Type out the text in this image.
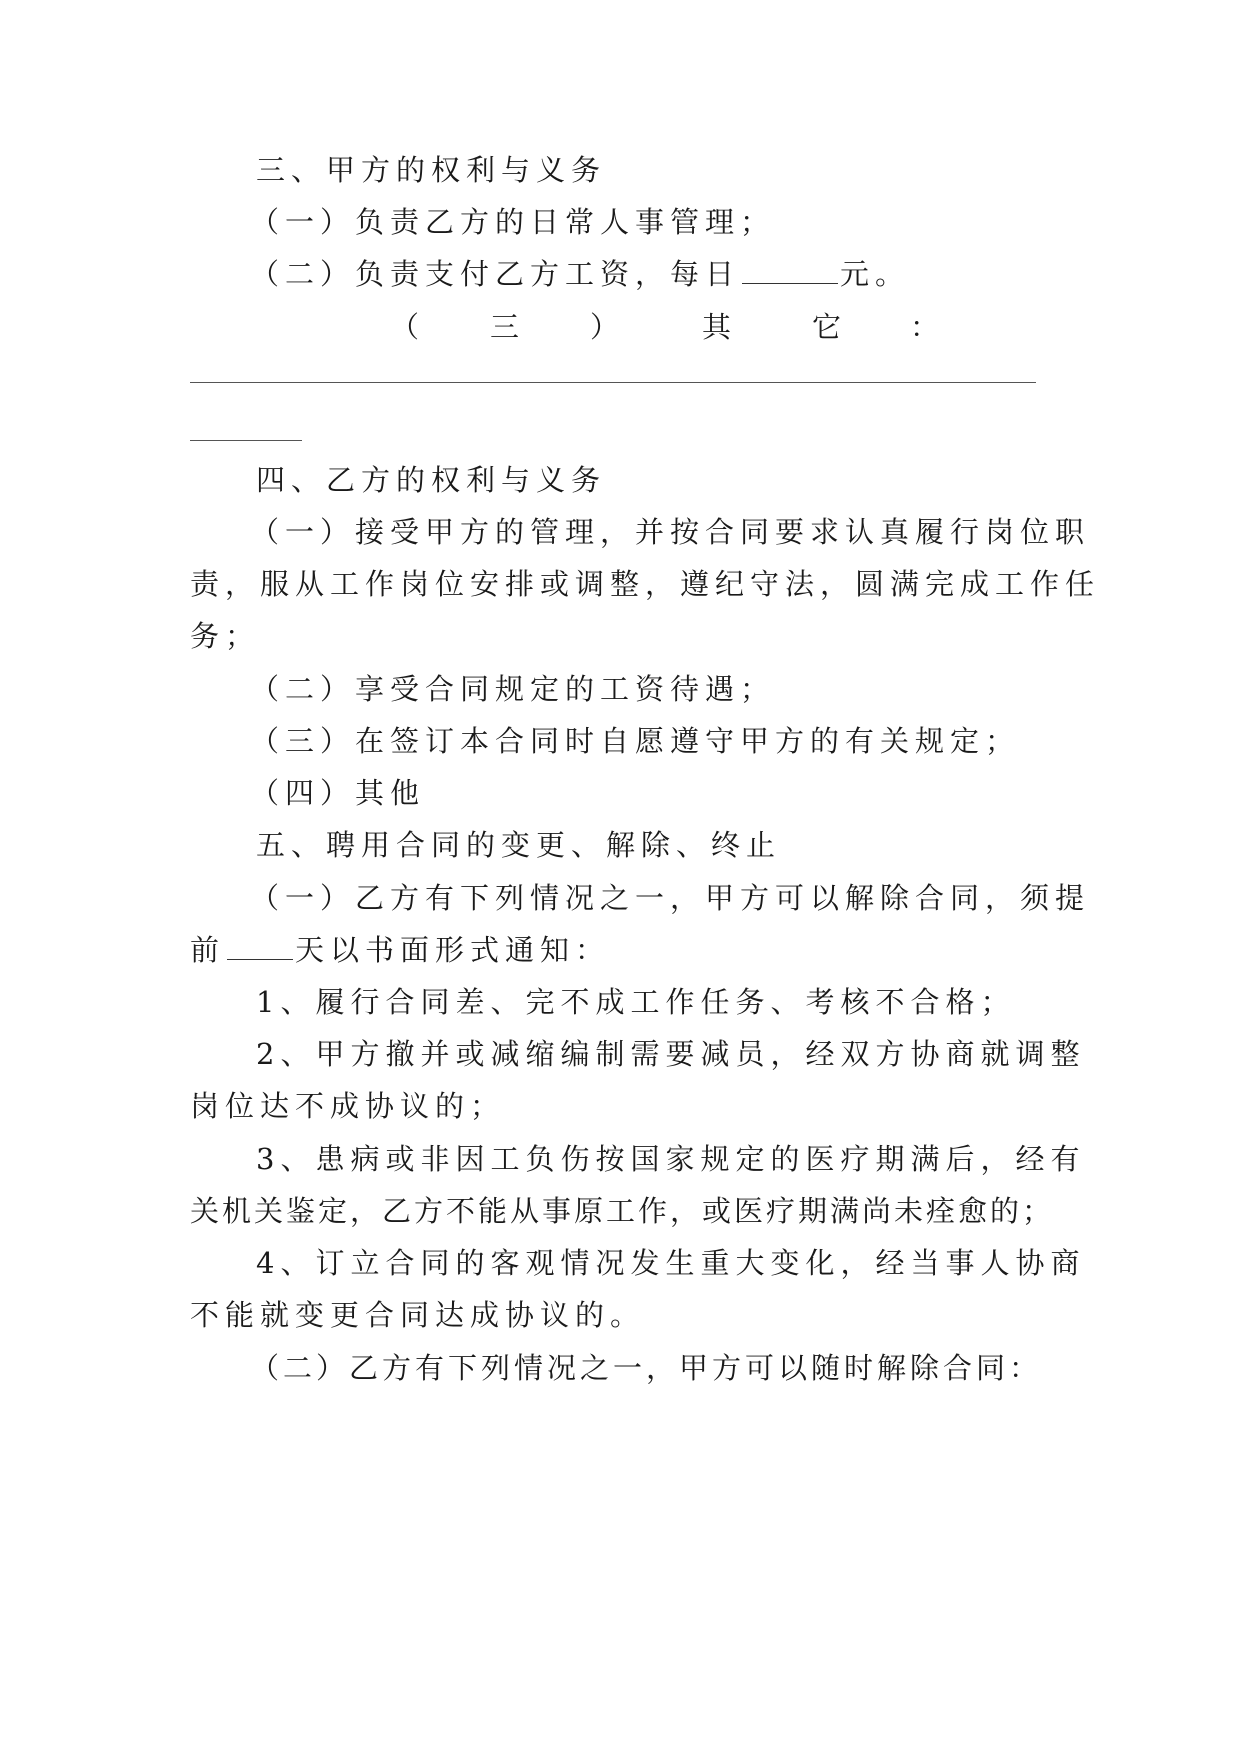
三、甲方的权利与义务
（一）负责乙方的日常人事管理；
（二）负责支付乙方工资，每日	元。
（ 三 ）	其	它 ：
四、乙方的权利与义务
（一）接受甲方的管理，并按合同要求认真履行岗位职
责，服从工作岗位安排或调整，遵纪守法，圆满完成工作任
务；
（二）享受合同规定的工资待遇；
（三）在签订本合同时自愿遵守甲方的有关规定；
（四）其他
五、聘用合同的变更、解除、终止
（一）乙方有下列情况之一，甲方可以解除合同，须提
前 天以书面形式通知：
1、履行合同差、完不成工作任务、考核不合格；
2、甲方撤并或减缩编制需要减员，经双方协商就调整
岗位达不成协议的；
3、患病或非因工负伤按国家规定的医疗期满后，经有
关机关鉴定，乙方不能从事原工作，或医疗期满尚未痊愈的；
4、订立合同的客观情况发生重大变化，经当事人协商
不能就变更合同达成协议的。
（二）乙方有下列情况之一，甲方可以随时解除合同：
